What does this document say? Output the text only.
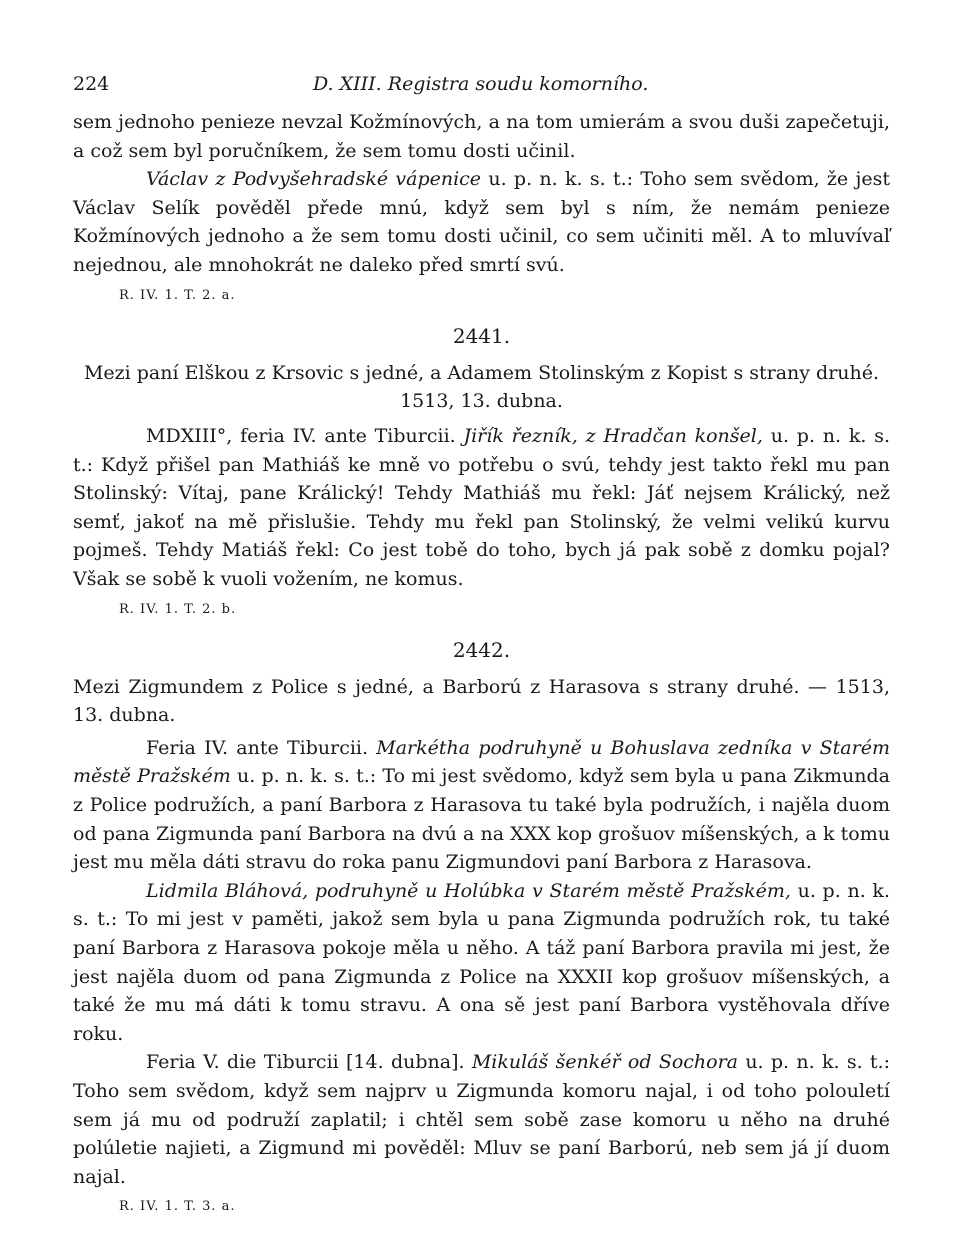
224	D. XIII. Registra soudu komorního.

sem jednoho penieze nevzal Kožmínových, a na tom umierám a svou duši zapečetuji, a což sem byl poručníkem, že sem tomu dosti učinil.

Václav z Podvyšehradské vápenice u. p. n. k. s. t.: Toho sem svědom, že jest Václav Selík pověděl přede mnú, když sem byl s ním, že nemám penieze Kožmínových jednoho a že sem tomu dosti učinil, co sem učiniti měl. A to mluvívaľ nejednou, ale mnohokrát ne daleko před smrtí svú.

R. IV. 1. T. 2. a.

2441.

Mezi paní Elškou z Krsovic s jedné, a Adamem Stolinským z Kopist s strany druhé.

1513, 13. dubna.

MDXIII°, feria IV. ante Tiburcii. Jiřík řezník, z Hradčan konšel, u. p. n. k. s. t.: Když přišel pan Mathiáš ke mně vo potřebu o svú, tehdy jest takto řekl mu pan Stolinský: Vítaj, pane Králický! Tehdy Mathiáš mu řekl: Jáť nejsem Králický, než semť, jakoť na mě přislušie. Tehdy mu řekl pan Stolinský, že velmi velikú kurvu pojmeš. Tehdy Matiáš řekl: Co jest tobě do toho, bych já pak sobě z domku pojal? Však se sobě k vuoli vožením, ne komus.

R. IV. 1. T. 2. b.

2442.

Mezi Zigmundem z Police s jedné, a Barború z Harasova s strany druhé. — 1513, 13. dubna.

Feria IV. ante Tiburcii. Markétha podruhyně u Bohuslava zedníka v Starém městě Pražském u. p. n. k. s. t.: To mi jest svědomo, když sem byla u pana Zikmunda z Police podružích, a paní Barbora z Harasova tu také byla podružích, i najěla duom od pana Zigmunda paní Barbora na dvú a na XXX kop grošuov míšenských, a k tomu jest mu měla dáti stravu do roka panu Zigmundovi paní Barbora z Harasova.

Lidmila Bláhová, podruhyně u Holúbka v Starém městě Pražském, u. p. n. k. s. t.: To mi jest v paměti, jakož sem byla u pana Zigmunda podružích rok, tu také paní Barbora z Harasova pokoje měla u něho. A táž paní Barbora pravila mi jest, že jest najěla duom od pana Zigmunda z Police na XXXII kop grošuov míšenských, a také že mu má dáti k tomu stravu. A ona sě jest paní Barbora vystěhovala dříve roku.

Feria V. die Tiburcii [14. dubna]. Mikuláš šenkéř od Sochora u. p. n. k. s. t.: Toho sem svědom, když sem najprv u Zigmunda komoru najal, i od toho polouletí sem já mu od podruží zaplatil; i chtěl sem sobě zase komoru u něho na druhé polúletie najieti, a Zigmund mi pověděl: Mluv se paní Barború, neb sem já jí duom najal.

R. IV. 1. T. 3. a.
